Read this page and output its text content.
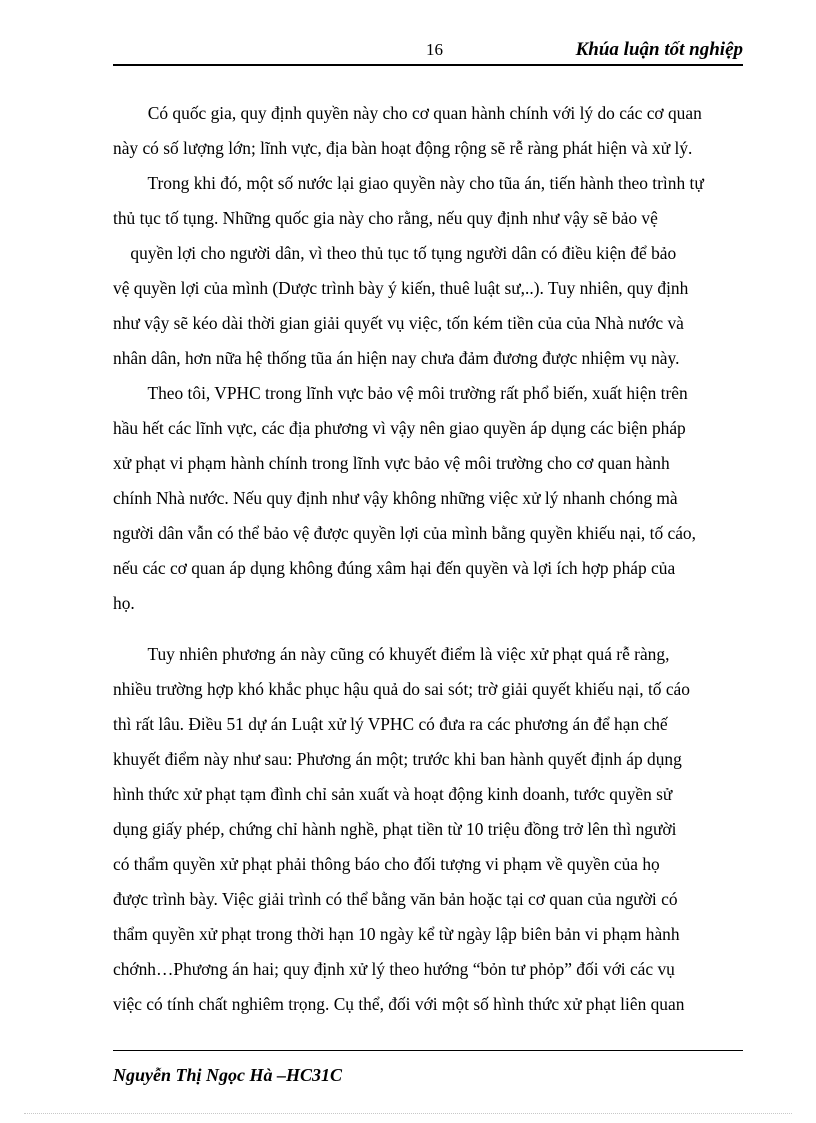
16	Khúa luận tốt nghiệp
Có quốc gia, quy định quyền này cho cơ quan hành chính với lý do các cơ quan
này có số lượng lớn; lĩnh vực, địa bàn hoạt động rộng sẽ rễ ràng phát hiện và xử lý.
Trong khi đó, một số nước lại giao quyền này cho tũa án, tiến hành theo trình tự
thủ tục tố tụng. Những quốc gia này cho rằng, nếu quy định như vậy sẽ bảo vệ
quyền lợi cho người dân, vì theo thủ tục tố tụng người dân có điều kiện để bảo
vệ quyền lợi của mình (Dược trình bày ý kiến, thuê luật sư,..). Tuy nhiên, quy định
như vậy sẽ kéo dài thời gian giải quyết vụ việc, tốn kém tiền của của Nhà nước và
nhân dân, hơn nữa hệ thống tũa án hiện nay chưa đảm đương được nhiệm vụ này.
Theo tôi, VPHC trong lĩnh vực bảo vệ môi trường rất phổ biến, xuất hiện trên
hầu hết các lĩnh vực, các địa phương vì vậy nên giao quyền áp dụng các biện pháp
xử phạt vi phạm hành chính trong lĩnh vực bảo vệ môi trường cho cơ quan hành
chính Nhà nước. Nếu quy định như vậy không những việc xử lý nhanh chóng mà
người dân vẫn có thể bảo vệ được quyền lợi của mình bằng quyền khiếu nại, tố cáo,
nếu các cơ quan áp dụng không đúng xâm hại đến quyền và lợi ích hợp pháp của
họ.
Tuy nhiên phương án này cũng có khuyết điểm là việc xử phạt quá rễ ràng,
nhiều trường hợp khó khắc phục hậu quả do sai sót; trờ giải quyết khiếu nại, tố cáo
thì rất lâu. Điều 51 dự án Luật xử lý VPHC có đưa ra các phương án để hạn chế
khuyết điểm này như sau: Phương án một; trước khi ban hành quyết định áp dụng
hình thức xử phạt tạm đình chỉ sản xuất và hoạt động kinh doanh, tước quyền sử
dụng giấy phép, chứng chỉ hành nghề, phạt tiền từ 10 triệu đồng trở lên thì người
có thẩm quyền xử phạt phải thông báo cho đối tượng vi phạm về quyền của họ
được trình bày. Việc giải trình có thể bằng văn bản hoặc tại cơ quan của người có
thẩm quyền xử phạt trong thời hạn 10 ngày kể từ ngày lập biên bản vi phạm hành
chớnh…Phương án hai; quy định xử lý theo hướng “bỏn tư phỏp” đối với các vụ
việc có tính chất nghiêm trọng. Cụ thể, đối với một số hình thức xử phạt liên quan
Nguyễn Thị Ngọc Hà –HC31C
